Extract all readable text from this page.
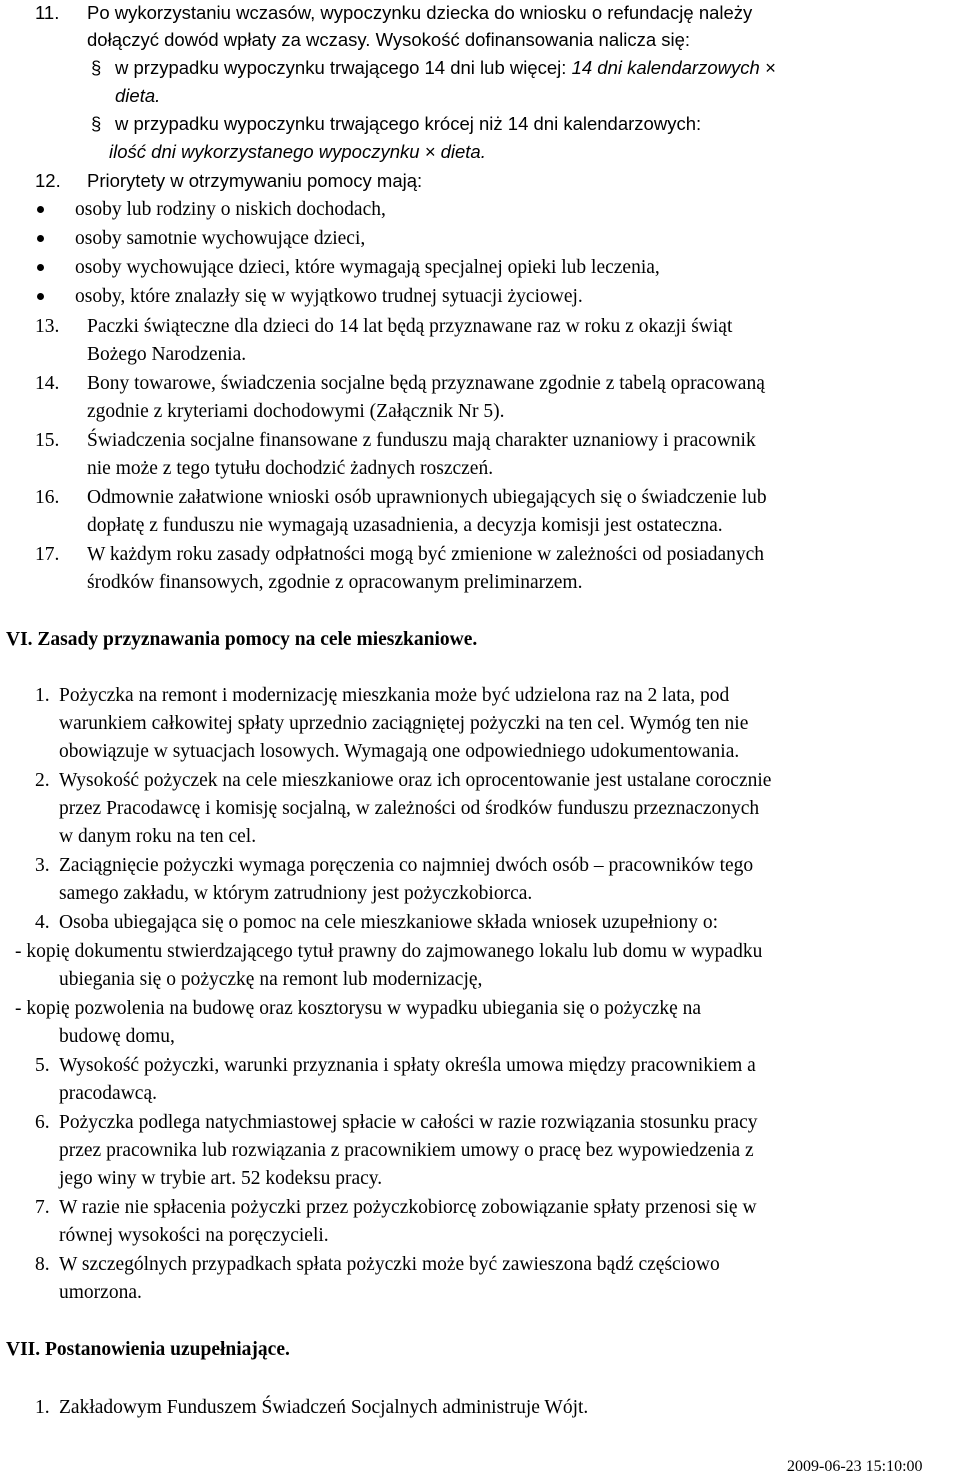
11. Po wykorzystaniu wczasów, wypoczynku dziecka do wniosku o refundację należy
dołączyć dowód wpłaty za wczasy. Wysokość dofinansowania nalicza się:
§ w przypadku wypoczynku trwającego 14 dni lub więcej: 14 dni kalendarzowych ×
dieta.
§ w przypadku wypoczynku trwającego krócej niż 14 dni kalendarzowych:
ilość dni wykorzystanego wypoczynku × dieta.
12. Priorytety w otrzymywaniu pomocy mają:
osoby lub rodziny o niskich dochodach,
osoby samotnie wychowujące dzieci,
osoby wychowujące dzieci, które wymagają specjalnej opieki lub leczenia,
osoby, które znalazły się w wyjątkowo trudnej sytuacji życiowej.
13. Paczki świąteczne dla dzieci do 14 lat będą przyznawane raz w roku z okazji świąt
Bożego Narodzenia.
14. Bony towarowe, świadczenia socjalne będą przyznawane zgodnie z tabelą opracowaną
zgodnie z kryteriami dochodowymi (Załącznik Nr 5).
15. Świadczenia socjalne finansowane z funduszu mają charakter uznaniowy i pracownik
nie może z tego tytułu dochodzić żadnych roszczeń.
16. Odmownie załatwione wnioski osób uprawnionych ubiegających się o świadczenie lub
dopłatę z funduszu nie wymagają uzasadnienia, a decyzja komisji jest ostateczna.
17. W każdym roku zasady odpłatności mogą być zmienione w zależności od posiadanych
środków finansowych, zgodnie z opracowanym preliminarzem.
VI. Zasady przyznawania pomocy na cele mieszkaniowe.
1. Pożyczka na remont i modernizację mieszkania może być udzielona raz na 2 lata, pod
warunkiem całkowitej spłaty uprzednio zaciągniętej pożyczki na ten cel. Wymóg ten nie
obowiązuje w sytuacjach losowych. Wymagają one odpowiedniego udokumentowania.
2. Wysokość pożyczek na cele mieszkaniowe oraz ich oprocentowanie jest ustalane corocznie
przez Pracodawcę i komisję socjalną, w zależności od środków funduszu przeznaczonych
w danym roku na ten cel.
3. Zaciągnięcie pożyczki wymaga poręczenia co najmniej dwóch osób – pracowników tego
samego zakładu, w którym zatrudniony jest pożyczkobiorca.
4. Osoba ubiegająca się o pomoc na cele mieszkaniowe składa wniosek uzupełniony o:
- kopię dokumentu stwierdzającego tytuł prawny do zajmowanego lokalu lub domu w wypadku
ubiegania się o pożyczkę na remont lub modernizację,
- kopię pozwolenia na budowę oraz kosztorysu w wypadku ubiegania się o pożyczkę na
budowę domu,
5. Wysokość pożyczki, warunki przyznania i spłaty określa umowa między pracownikiem a
pracodawcą.
6. Pożyczka podlega natychmiastowej spłacie w całości w razie rozwiązania stosunku pracy
przez pracownika lub rozwiązania z pracownikiem umowy o pracę bez wypowiedzenia z
jego winy w trybie art. 52 kodeksu pracy.
7. W razie nie spłacenia pożyczki przez pożyczkobiorcę zobowiązanie spłaty przenosi się w
równej wysokości na poręczycieli.
8. W szczególnych przypadkach spłata pożyczki może być zawieszona bądź częściowo
umorzona.
VII. Postanowienia uzupełniające.
1. Zakładowym Funduszem Świadczeń Socjalnych administruje Wójt.
2009-06-23 15:10:00
